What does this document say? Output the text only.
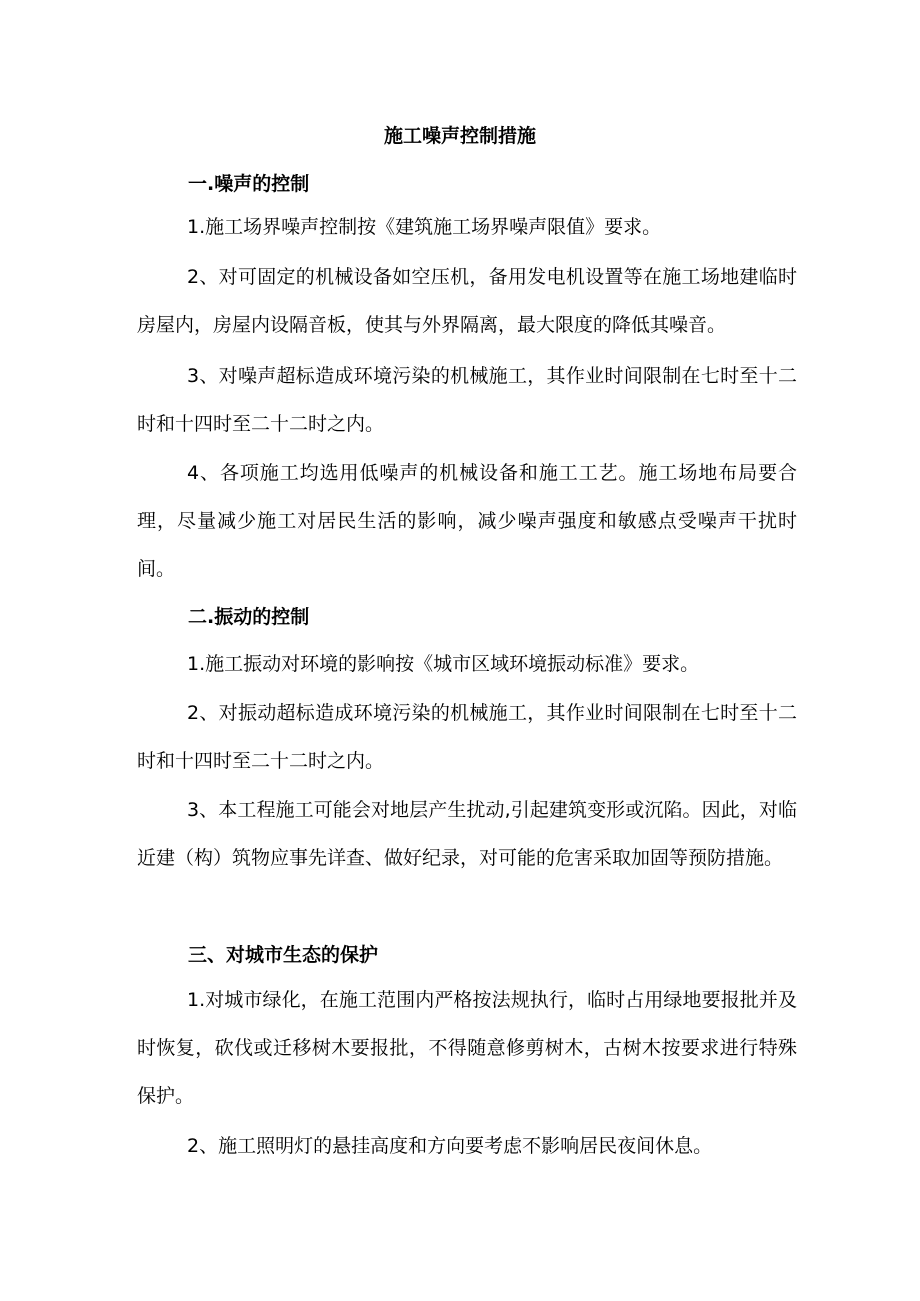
施工噪声控制措施
一.噪声的控制
1.施工场界噪声控制按《建筑施工场界噪声限值》要求。
2、对可固定的机械设备如空压机，备用发电机设置等在施工场地建临时房屋内，房屋内设隔音板，使其与外界隔离，最大限度的降低其噪音。
3、对噪声超标造成环境污染的机械施工，其作业时间限制在七时至十二时和十四时至二十二时之内。
4、各项施工均选用低噪声的机械设备和施工工艺。施工场地布局要合理，尽量减少施工对居民生活的影响，减少噪声强度和敏感点受噪声干扰时间。
二.振动的控制
1.施工振动对环境的影响按《城市区域环境振动标准》要求。
2、对振动超标造成环境污染的机械施工，其作业时间限制在七时至十二时和十四时至二十二时之内。
3、本工程施工可能会对地层产生扰动,引起建筑变形或沉陷。因此，对临近建（构）筑物应事先详查、做好纪录，对可能的危害采取加固等预防措施。
三、对城市生态的保护
1.对城市绿化，在施工范围内严格按法规执行，临时占用绿地要报批并及时恢复，砍伐或迁移树木要报批，不得随意修剪树木，古树木按要求进行特殊保护。
2、施工照明灯的悬挂高度和方向要考虑不影响居民夜间休息。
